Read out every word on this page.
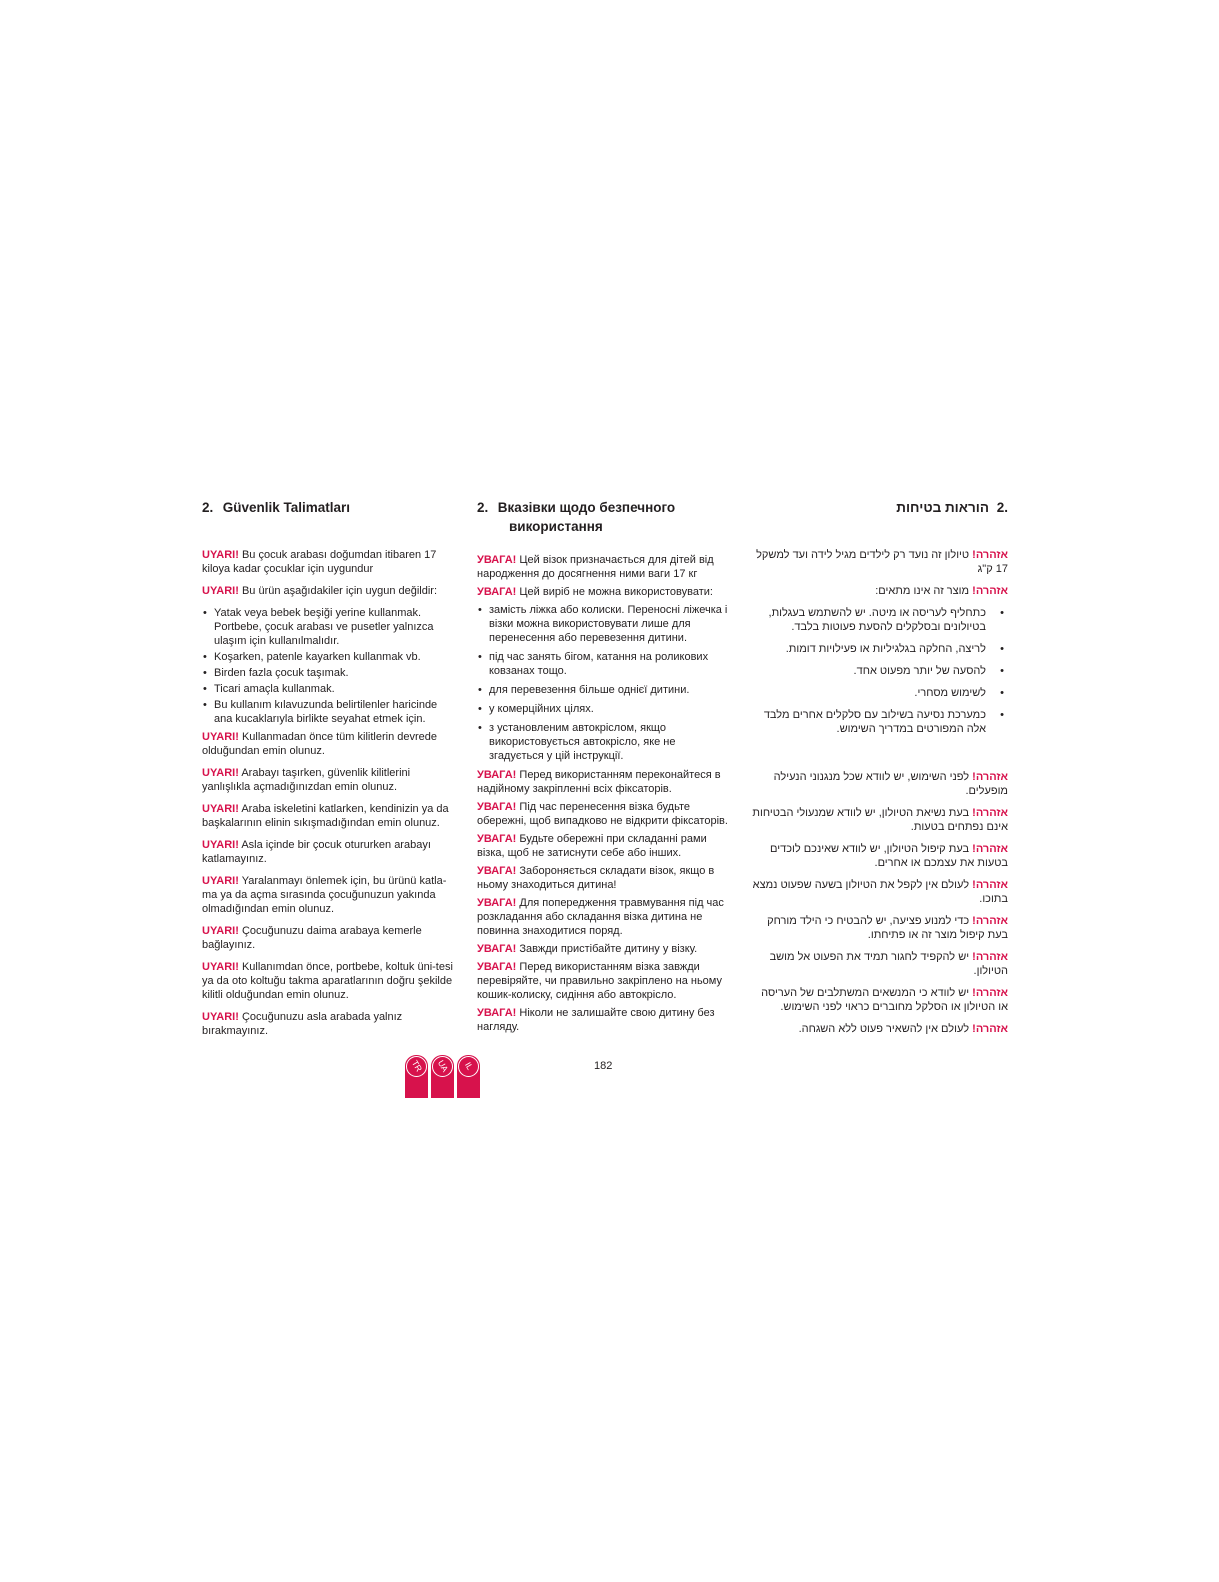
2. Güvenlik Talimatları

UYARI! Bu çocuk arabası doğumdan itibaren 17 kiloya kadar çocuklar için uygundur

UYARI! Bu ürün aşağıdakiler için uygun değildir:

• Yatak veya bebek beşiği yerine kullanmak. Portbebe, çocuk arabası ve pusetler yalnızca ulaşım için kullanılmalıdır.
• Koşarken, patenle kayarken kullanmak vb.
• Birden fazla çocuk taşımak.
• Ticari amaçla kullanmak.
• Bu kullanım kılavuzunda belirtilenler haricinde ana kucaklarıyla birlikte seyahat etmek için.

UYARI! Kullanmadan önce tüm kilitlerin devrede olduğundan emin olunuz.

UYARI! Arabayı taşırken, güvenlik kilitlerini yanlışlıkla açmadığınızdan emin olunuz.

UYARI! Araba iskeletini katlarken, kendinizin ya da başkalarının elinin sıkışmadığından emin olunuz.

UYARI! Asla içinde bir çocuk otururken arabayı katlamayınız.

UYARI! Yaralanmayı önlemek için, bu ürünü katla-ma ya da açma sırasında çocuğunuzun yakında olmadığından emin olunuz.

UYARI! Çocuğunuzu daima arabaya kemerle bağlayınız.

UYARI! Kullanımdan önce, portbebe, koltuk üni-tesi ya da oto koltuğu takma aparatlarının doğru şekilde kilitli olduğundan emin olunuz.

UYARI! Çocuğunuzu asla arabada yalnız bırakmayınız.

2. Вказівки щодо безпечного
використання

УВАГА! Цей візок призначається для дітей від народження до досягнення ними ваги 17 кг

УВАГА! Цей виріб не можна використовувати:

• замість ліжка або колиски. Переносні ліжечка і візки можна використовувати лише для перенесення або перевезення дитини.
• під час занять бігом, катання на роликових ковзанах тощо.
• для перевезення більше однієї дитини.
• у комерційних цілях.
• з установленим автокріслом, якщо використовується автокрісло, яке не згадується у цій інструкції.

УВАГА! Перед використанням переконайтеся в надійному закріпленні всіх фіксаторів.

УВАГА! Під час перенесення візка будьте обережні, щоб випадково не відкрити фіксаторів.

УВАГА! Будьте обережні при складанні рами візка, щоб не затиснути себе або інших.

УВАГА! Забороняється складати візок, якщо в ньому знаходиться дитина!

УВАГА! Для попередження травмування під час розкладання або складання візка дитина не повинна знаходитися поряд.

УВАГА! Завжди пристібайте дитину у візку.

УВАГА! Перед використанням візка завжди перевіряйте, чи правильно закріплено на ньому кошик-колиску, сидіння або автокрісло.

УВАГА! Ніколи не залишайте свою дитину без нагляду.

.2 הוראות בטיחות

אזהרה! טיולון זה נועד רק לילדים מגיל לידה ועד למשקל 17 ק"ג

אזהרה! מוצר זה אינו מתאים:

• כתחליף לעריסה או מיטה. יש להשתמש בעגלות, בטיולונים ובסלקלים להסעת פעוטות בלבד.
• לריצה, החלקה בגלגיליות או פעילויות דומות.
• להסעה של יותר מפעוט אחד.
• לשימוש מסחרי.
• כמערכת נסיעה בשילוב עם סלקלים אחרים מלבד אלה המפורטים במדריך השימוש.

אזהרה! לפני השימוש, יש לוודא שכל מנגנוני הנעילה מופעלים.

אזהרה! בעת נשיאת הטיולון, יש לוודא שמנעולי הבטיחות אינם נפתחים בטעות.

אזהרה! בעת קיפול הטיולון, יש לוודא שאינכם לוכדים בטעות את עצמכם או אחרים.

אזהרה! לעולם אין לקפל את הטיולון בשעה שפעוט נמצא בתוכו.

אזהרה! כדי למנוע פציעה, יש להבטיח כי הילד מורחק בעת קיפול מוצר זה או פתיחתו.

אזהרה! יש להקפיד לחגור תמיד את הפעוט אל מושב הטיולון.

אזהרה! יש לוודא כי המנשאים המשתלבים של העריסה או הטיולון או הסלקל מחוברים כראוי לפני השימוש.

אזהרה! לעולם אין להשאיר פעוט ללא השגחה.

182
TR	UA	IL
